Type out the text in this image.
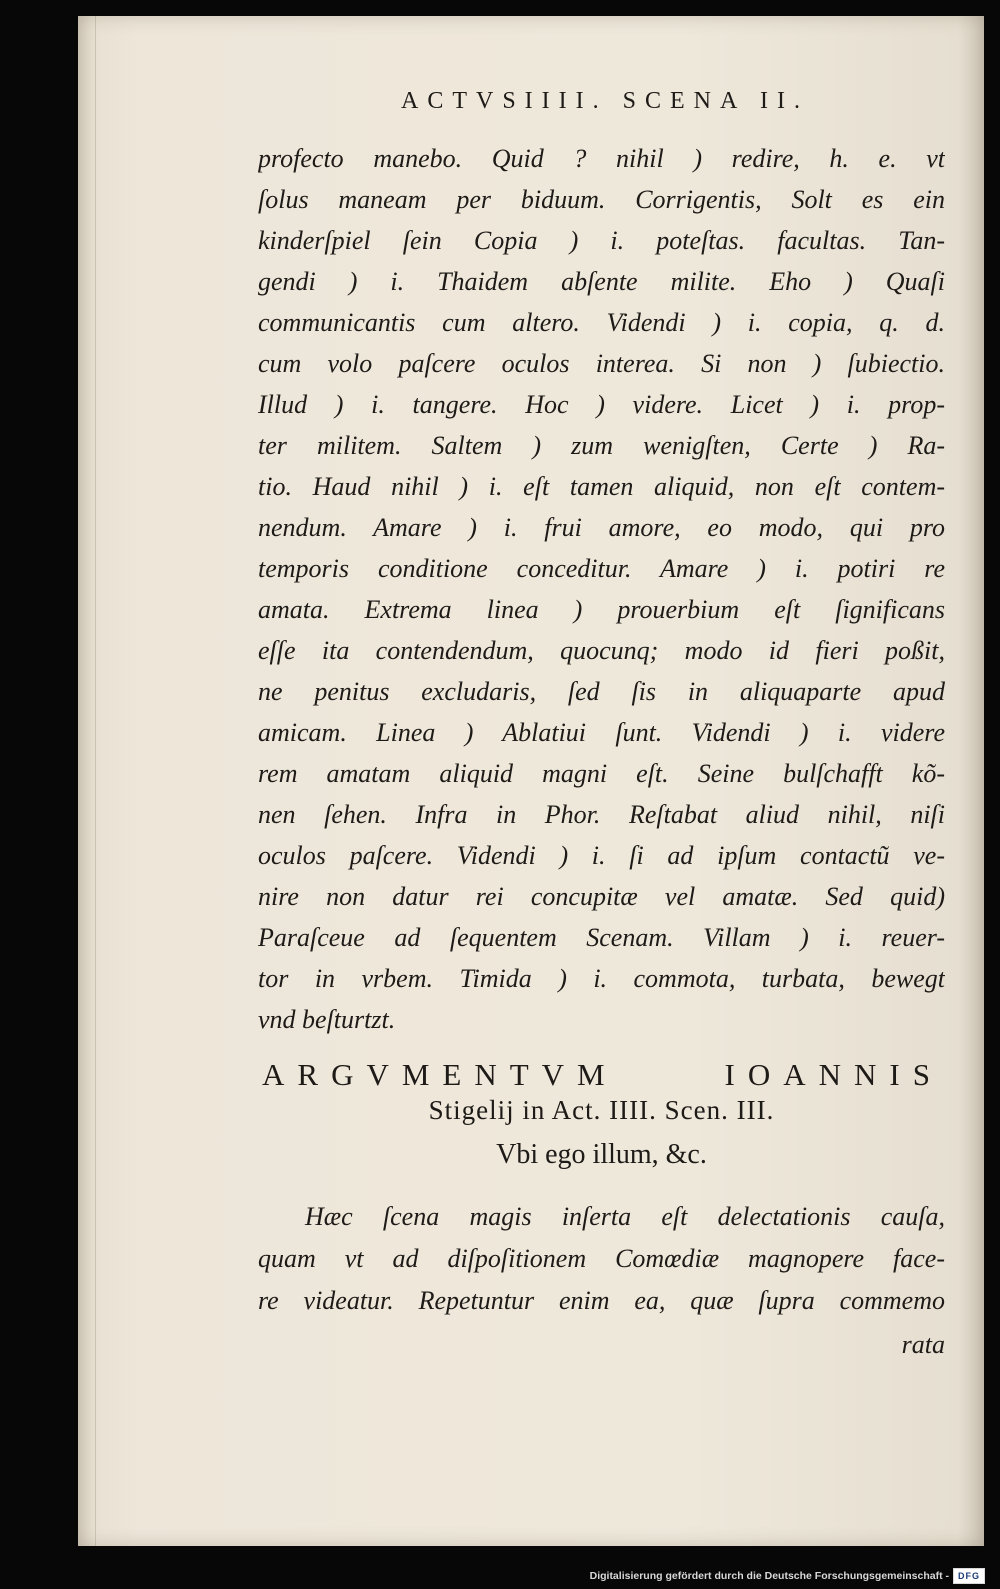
ACTVSIIII. SCENA II.
profecto manebo. Quid ? nihil ) redire, h. e. vt
ſolus maneam per biduum. Corrigentis, Solt es ein
kinderſpiel ſein Copia ) i. poteſtas. facultas. Tan-
gendi ) i. Thaidem abſente milite. Eho ) Quaſi
communicantis cum altero. Videndi ) i. copia, q. d.
cum volo paſcere oculos interea. Si non ) ſubiectio.
Illud ) i. tangere. Hoc ) videre. Licet ) i. prop-
ter militem. Saltem ) zum wenigſten, Certe ) Ra-
tio. Haud nihil ) i. eſt tamen aliquid, non eſt contem-
nendum. Amare ) i. frui amore, eo modo, qui pro
temporis conditione conceditur. Amare ) i. potiri re
amata. Extrema linea ) prouerbium eſt ſignificans
eſſe ita contendendum, quocunq; modo id fieri poßit,
ne penitus excludaris, ſed ſis in aliquaparte apud
amicam. Linea ) Ablatiui ſunt. Videndi ) i. videre
rem amatam aliquid magni eſt. Seine bulſchafft kõ-
nen ſehen. Infra in Phor. Reſtabat aliud nihil, niſi
oculos paſcere. Videndi ) i. ſi ad ipſum contactũ ve-
nire non datur rei concupitæ vel amatæ. Sed quid)
Paraſceue ad ſequentem Scenam. Villam ) i. reuer-
tor in vrbem. Timida ) i. commota, turbata, bewegt
vnd beſturtzt.
ARGVMENTVM IOANNIS
Stigelij in Act. IIII. Scen. III.
Vbi ego illum, &c.
Hæc ſcena magis inſerta eſt delectationis cauſa,
quam vt ad diſpoſitionem Comœdiæ magnopere face-
re videatur. Repetuntur enim ea, quæ ſupra commemo
rata
Digitalisierung gefördert durch die Deutsche Forschungsgemeinschaft -	DFG
